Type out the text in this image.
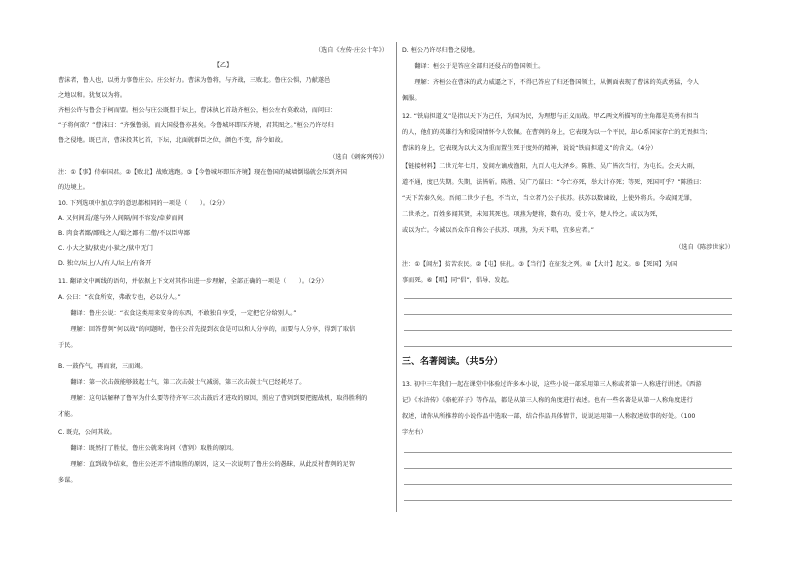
（选自《左传·庄公十年》）
【乙】
曹沫者，鲁人也，以勇力事鲁庄公。庄公好力。曹沫为鲁将，与齐战，三败北。鲁庄公惧，乃献遂邑
之地以和。犹复以为将。
齐桓公许与鲁会于柯而盟。桓公与庄公既盟于坛上，曹沫执匕首劫齐桓公，桓公左右莫敢动，而问曰：
“子将何欲？”曹沫曰：“齐强鲁弱，而大国侵鲁亦甚矣。今鲁城坏即压齐境，君其图之。”桓公乃许尽归
鲁之侵地。既已言，曹沫投其匕首，下坛，北面就群臣之位，颜色不变，辞令如故。
（选自《刺客列传》）
注：①【事】侍奉国君。②【败北】战败逃跑。③【今鲁城坏即压齐境】现在鲁国的城墙倒塌就会压到齐国
的边境上。
10. 下列选项中加点字的意思都相同的一项是（　　）。（2分）
A. 又何间焉/遂与外人间隔/间不容发/牵萝而间
B. 肉食者鄙/鄙贱之人/蜀之鄙有二僧/不以臣卑鄙
C. 小大之狱/狱吏/小狱之/狱中无门
D. 独立/坛上/人/有人/坛上/有备开
11. 翻译文中画线的语句，并依据上下文对其作出进一步理解，全部正确的一项是（　　）。（2分）
A. 公曰：“衣食所安，弗敢专也，必以分人。”
　　翻译：鲁庄公说：“衣食这类用来安身的东西，不敢独自享受，一定把它分给别人。”
　　理解：回答曹刿“何以战”的问题时，鲁庄公首先提到衣食是可以和人分享的，而要与人分享，得到了取信
于民。
B. 一鼓作气，再而衰，三而竭。
　　翻译：第一次击鼓能够鼓起士气，第二次击鼓士气减弱，第三次击鼓士气已经耗尽了。
　　理解：这句话解释了鲁军为什么要等待齐军三次击鼓后才进攻的原因，照应了曹刿到要把握战机，取得胜利的
才能。
C. 既克，公问其故。
　　翻译：既然打了胜仗，鲁庄公就来询问（曹刿）取胜的原因。
　　理解：直到战争结束，鲁庄公还弄不清取胜的原因，这又一次说明了鲁庄公的愚昧，从此反衬曹刿的足智
多谋。
D. 桓公乃许尽归鲁之侵地。
　　翻译：桓公于是答应全部归还侵占的鲁国领土。
　　理解：齐桓公在曹沫的武力威逼之下，不得已答应了归还鲁国领土，从侧面表现了曹沫的英武勇猛，令人
佩服。
12. “铁肩担道义”是指以天下为己任，为国为民，为理想与正义而战。甲乙两文所描写的主角都是英勇有担当
的人，他们的英雄行为和爱国情怀令人钦佩。在曹刿的身上，它表现为以一个平民，却心系国家存亡的无畏担当；
曹沫的身上，它表现为以大义为重而置生死于度外的精神，说说“铁肩担道义”的含义。（4分）
【链接材料】二世元年七月，发闾左谪戍渔阳，九百人屯大泽乡。陈胜、吴广皆次当行，为屯长。会天大雨，
道不通，度已失期。失期，法皆斩。陈胜、吴广乃谋曰：“今亡亦死，举大计亦死；等死，死国可乎？”陈胜曰：
“天下苦秦久矣。吾闻二世少子也，不当立，当立者乃公子扶苏。扶苏以数谏故，上使外将兵。今或闻无罪，
二世杀之。百姓多闻其贤，未知其死也。项燕为楚将，数有功，爱士卒，楚人怜之。或以为死，
或以为亡。今诚以吾众诈自称公子扶苏、项燕，为天下唱，宜多应者。”
（选自《陈涉世家》）
注：①【闾左】贫苦农民。②【屯】驻扎。③【当行】在征发之列。④【大计】起义。⑤【死国】为国
事而死。⑥【唱】同“倡”，倡导、发起。
三、名著阅读。（共5分）
13. 初中三年我们一起在课堂中体验过许多本小说，这些小说一部采用第三人称或者第一人称进行讲述。《西游
记》《水浒传》《骆驼祥子》等作品，都是从第三人称的角度进行表述。也有一些名著是从第一人称角度进行
叙述，请你从所推荐的小说作品中选取一部，结合作品具体情节，说说运用第一人称叙述故事的好处。（100
字左右）
